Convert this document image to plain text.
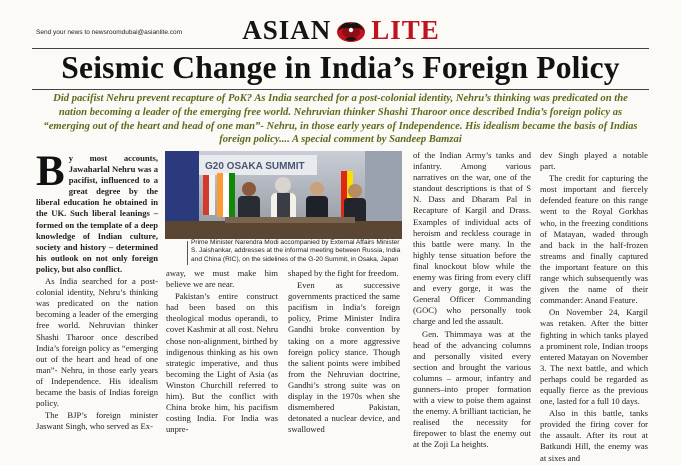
Send your news to newsroomdubai@asianlite.com ASIAN LITE
Seismic Change in India’s Foreign Policy
Did pacifist Nehru prevent recapture of PoK? As India searched for a post-colonial identity, Nehru’s thinking was predicated on the nation becoming a leader of the emerging free world. Nehruvian thinker Shashi Tharoor once described India’s foreign policy as “emerging out of the heart and head of one man”- Nehru, in those early years of Independence. His idealism became the basis of Indias foreign policy.... A special comment by Sandeep Bamzai

By most accounts, Jawaharlal Nehru was a pacifist, influenced to a great degree by the liberal education he obtained in the UK. Such liberal leanings – formed on the template of a deep knowledge of Indian culture, society and history – determined his outlook on not only foreign policy, but also conflict.

As India searched for a post-colonial identity, Nehru’s thinking was predicated on the nation becoming a leader of the emerging free world. Nehruvian thinker Shashi Tharoor once described India’s foreign policy as “emerging out of the heart and head of one man”- Nehru, in those early years of Independence. His idealism became the basis of Indias foreign policy.

The BJP’s foreign minister Jaswant Singh, who served as Ex-

G20 OSAKA SUMMIT
Prime Minister Narendra Modi accompanied by External Affairs Minister S. Jaishankar, addresses at the informal meeting between Russia, India and China (RIC), on the sidelines of the G-20 Summit, in Osaka, Japan

away, we must make him believe we are near.

Pakistan’s entire construct had been based on this theological modus operandi, to covet Kashmir at all cost. Nehru chose non-alignment, birthed by indigenous thinking as his own strategic imperative, and thus becoming the Light of Asia (as Winston Churchill referred to him). But the conflict with China broke him, his pacifism costing India. For India was unpre-

shaped by the fight for freedom.

Even as successive governments practiced the same pacifism in India’s foreign policy, Prime Minister Indira Gandhi broke convention by taking on a more aggressive foreign policy stance. Though the salient points were imbibed from the Nehruvian doctrine, Gandhi’s strong suite was on display in the 1970s when she dismembered Pakistan, detonated a nuclear device, and swallowed

of the Indian Army’s tanks and infantry. Among various narratives on the war, one of the standout descriptions is that of S N. Dass and Dharam Pal in Recapture of Kargil and Drass. Examples of individual acts of heroism and reckless courage in this battle were many. In the highly tense situation before the final knockout blow while the enemy was firing from every cliff and every gorge, it was the General Officer Commanding (GOC) who personally took charge and led the assault.

Gen. Thimmaya was at the head of the advancing columns and personally visited every section and brought the various columns – armour, infantry and gunners–into proper formation with a view to poise them against the enemy. A brilliant tactician, he realised the necessity for firepower to blast the enemy out at the Zoji La heights.

dev Singh played a notable part.

The credit for capturing the most important and fiercely defended feature on this range went to the Royal Gorkhas who, in the freezing conditions of Matayan, waded through and back in the half-frozen streams and finally captured the important feature on this range which subsequently was given the name of their commander: Anand Feature.

On November 24, Kargil was retaken. After the bitter fighting in which tanks played a prominent role, Indian troops entered Matayan on November 3. The next battle, and which perhaps could be regarded as equally fierce as the previous one, lasted for a full 10 days.

Also in this battle, tanks provided the firing cover for the assault. After its rout at Batkundi Hill, the enemy was at sixes and
